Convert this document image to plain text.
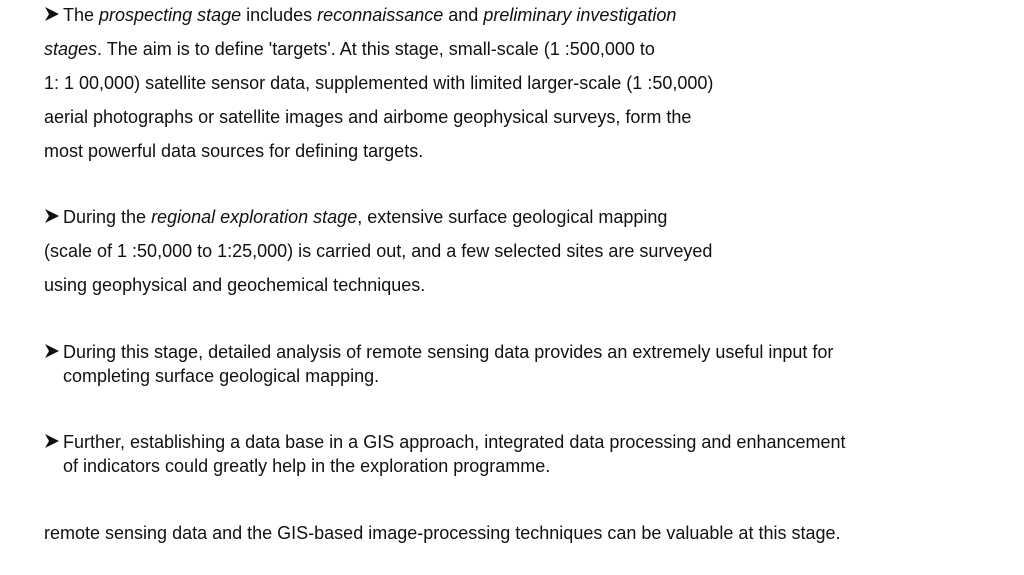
The prospecting stage includes reconnaissance and preliminary investigation
stages. The aim is to define 'targets'. At this stage, small-scale (1 :500,000 to
1: 1 00,000) satellite sensor data, supplemented with limited larger-scale (1 :50,000)
aerial photographs or satellite images and airbome geophysical surveys, form the
most powerful data sources for defining targets.
During the regional exploration stage, extensive surface geological mapping
(scale of 1 :50,000 to 1:25,000) is carried out, and a few selected sites are surveyed
using geophysical and geochemical techniques.
During this stage, detailed analysis of remote sensing data provides an extremely useful input for
completing surface geological mapping.
Further, establishing a data base in a GIS approach, integrated data processing and enhancement
of indicators could greatly help in the exploration programme.
remote sensing data and the GIS-based image-processing techniques can be valuable at this stage.
